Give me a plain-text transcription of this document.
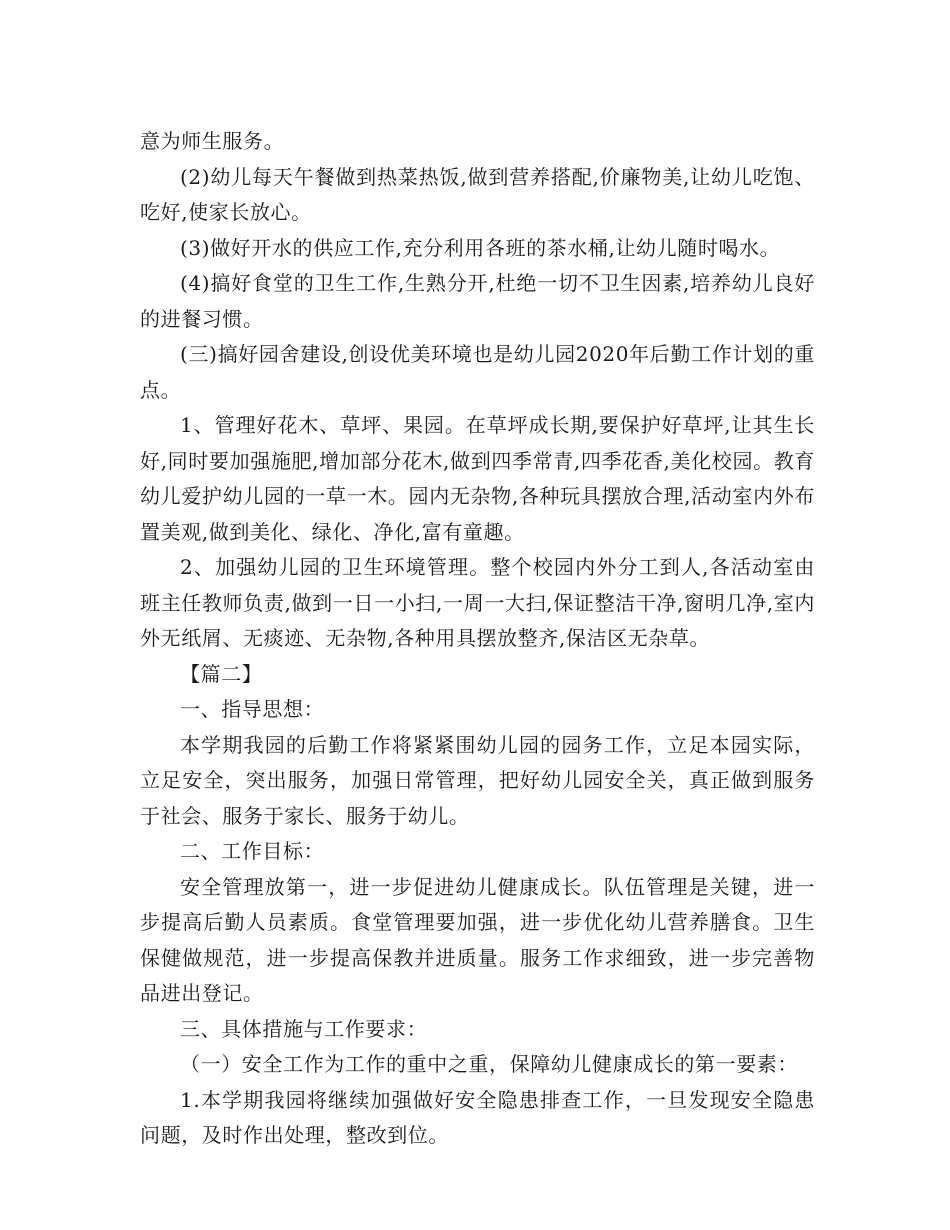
意为师生服务。

(2)幼儿每天午餐做到热菜热饭,做到营养搭配,价廉物美,让幼儿吃饱、吃好,使家长放心。

(3)做好开水的供应工作,充分利用各班的茶水桶,让幼儿随时喝水。

(4)搞好食堂的卫生工作,生熟分开,杜绝一切不卫生因素,培养幼儿良好的进餐习惯。

(三)搞好园舍建设,创设优美环境也是幼儿园2020年后勤工作计划的重点。

1、管理好花木、草坪、果园。在草坪成长期,要保护好草坪,让其生长好,同时要加强施肥,增加部分花木,做到四季常青,四季花香,美化校园。教育幼儿爱护幼儿园的一草一木。园内无杂物,各种玩具摆放合理,活动室内外布置美观,做到美化、绿化、净化,富有童趣。

2、加强幼儿园的卫生环境管理。整个校园内外分工到人,各活动室由班主任教师负责,做到一日一小扫,一周一大扫,保证整洁干净,窗明几净,室内外无纸屑、无痰迹、无杂物,各种用具摆放整齐,保洁区无杂草。

【篇二】

一、指导思想：

本学期我园的后勤工作将紧紧围幼儿园的园务工作，立足本园实际，立足安全，突出服务，加强日常管理，把好幼儿园安全关，真正做到服务于社会、服务于家长、服务于幼儿。

二、工作目标：

安全管理放第一，进一步促进幼儿健康成长。队伍管理是关键，进一步提高后勤人员素质。食堂管理要加强，进一步优化幼儿营养膳食。卫生保健做规范，进一步提高保教并进质量。服务工作求细致，进一步完善物品进出登记。

三、具体措施与工作要求：

（一）安全工作为工作的重中之重，保障幼儿健康成长的第一要素：

1.本学期我园将继续加强做好安全隐患排查工作，一旦发现安全隐患问题，及时作出处理，整改到位。
